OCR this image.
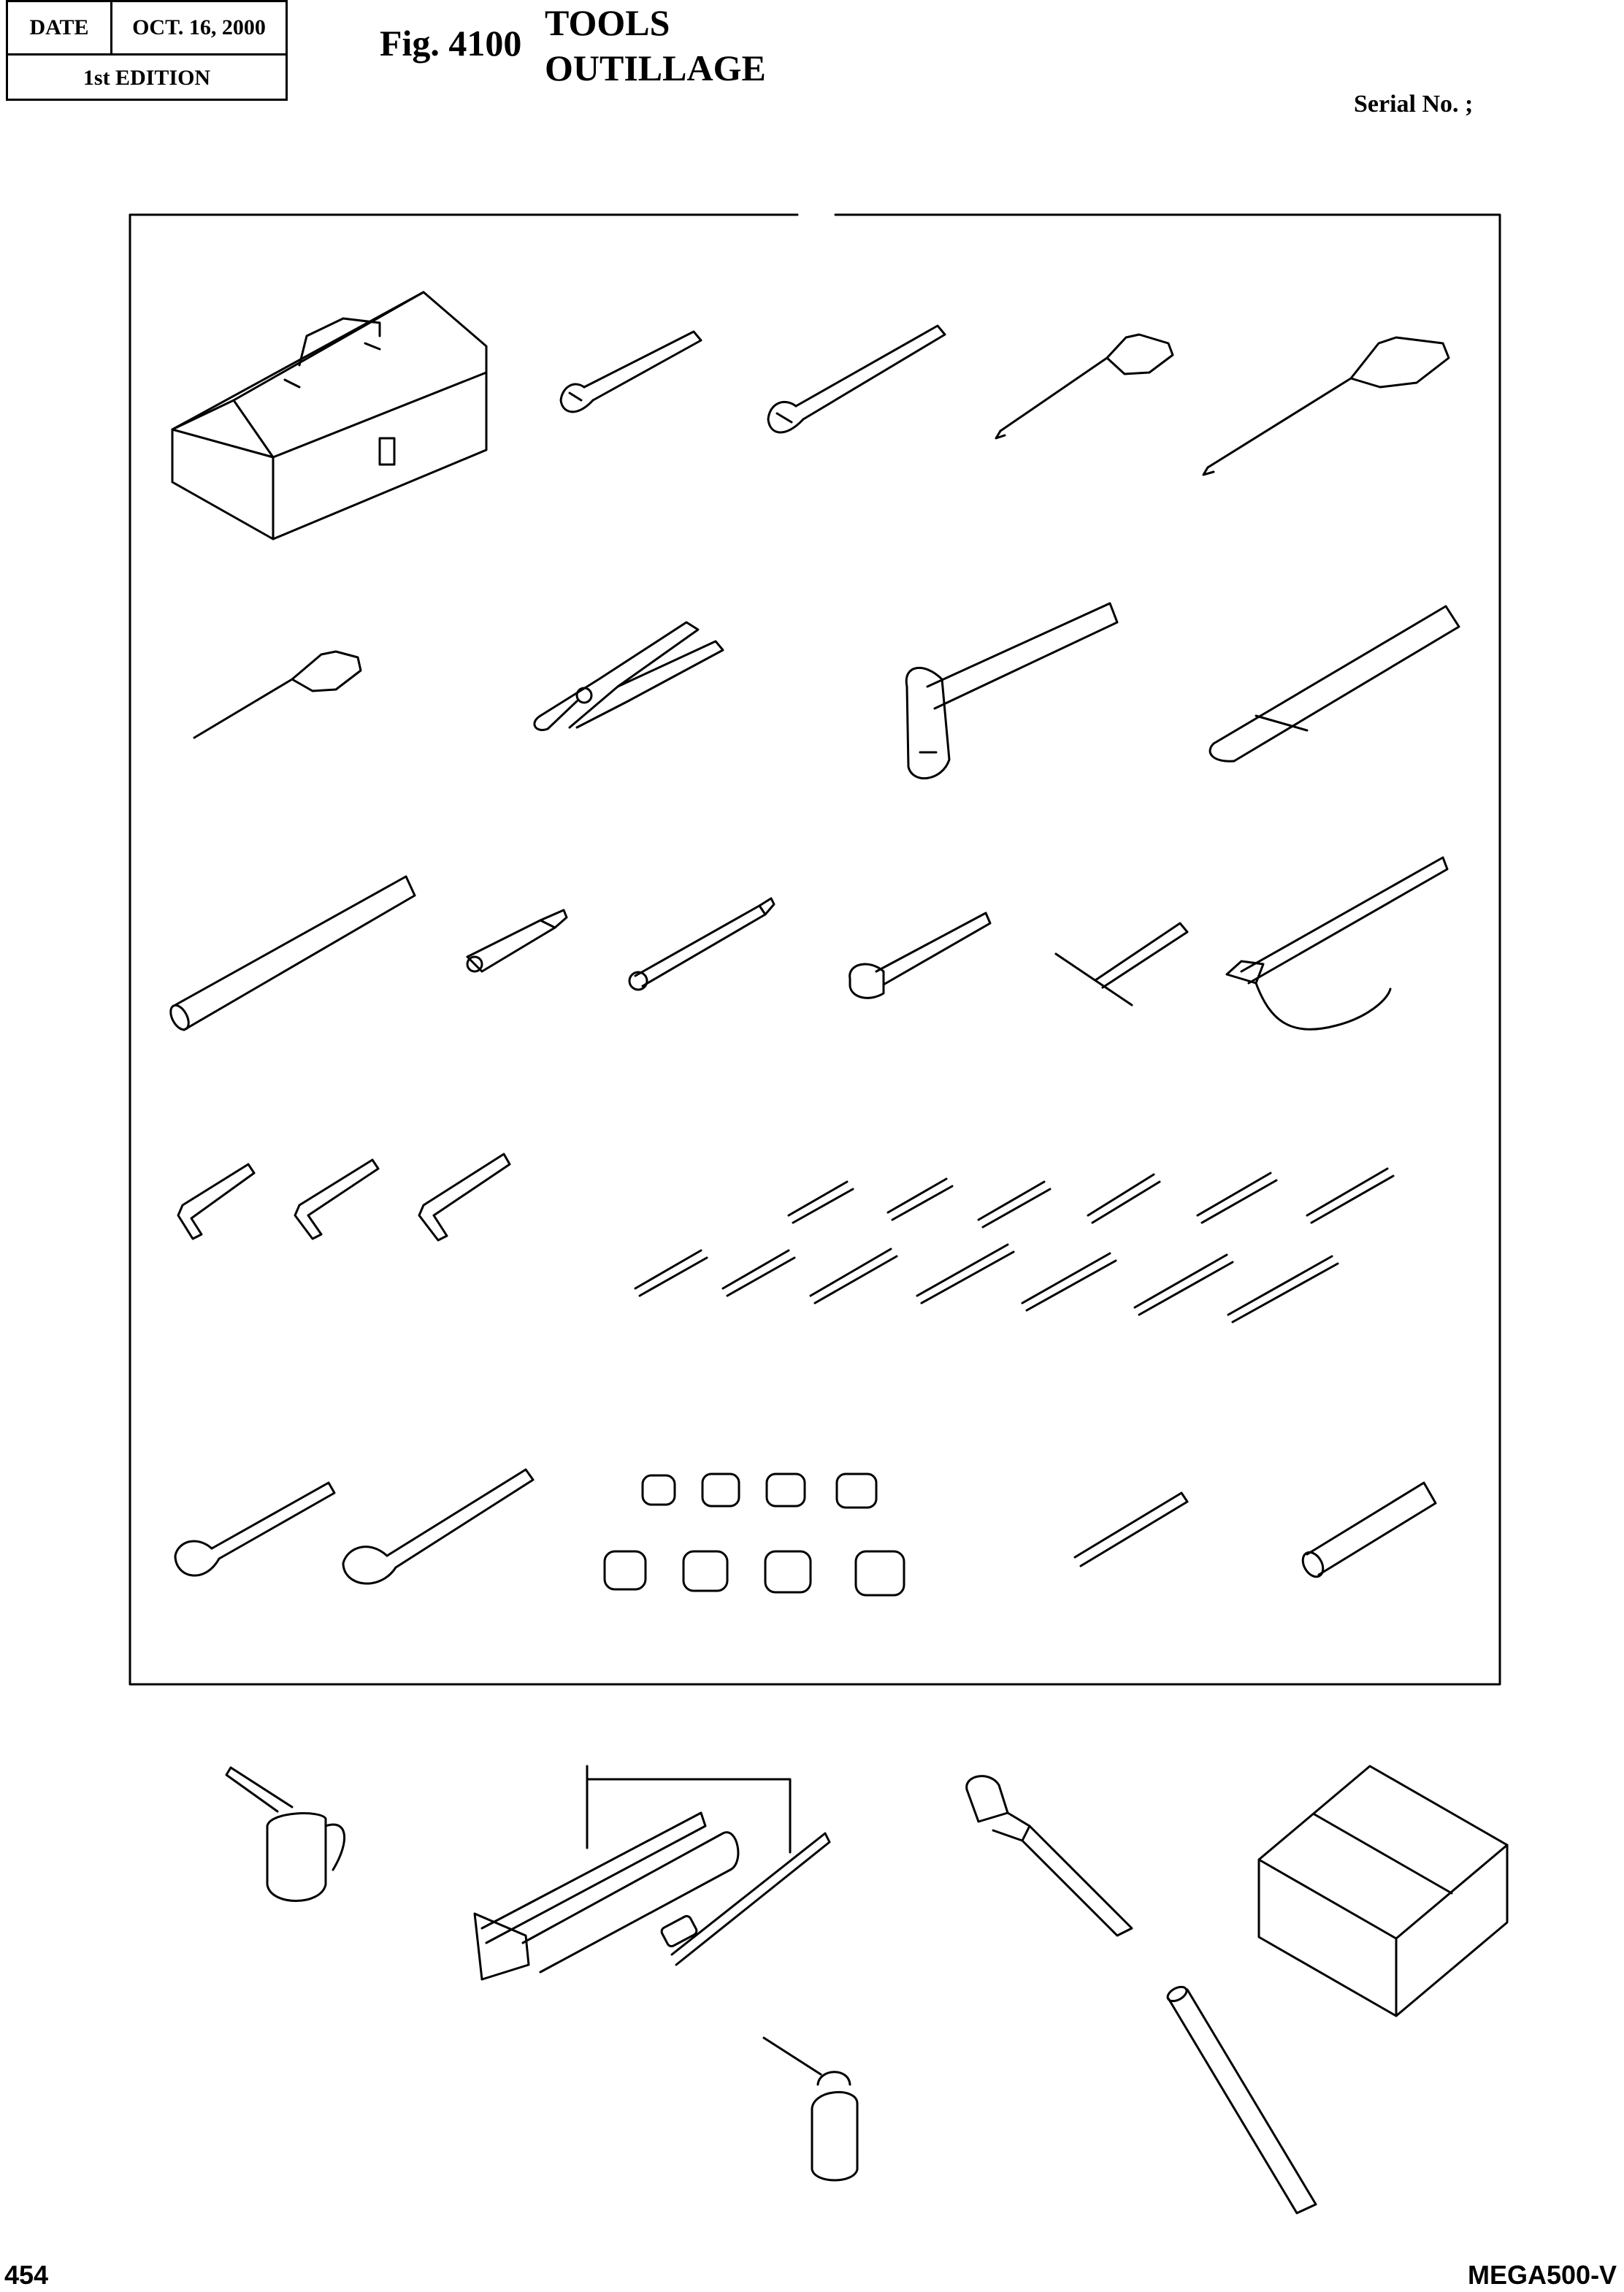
DATE	OCT. 16, 2000
1st EDITION
Fig. 4100 TOOLS
OUTILLAGE
Serial No. ;
454	MEGA500-V
